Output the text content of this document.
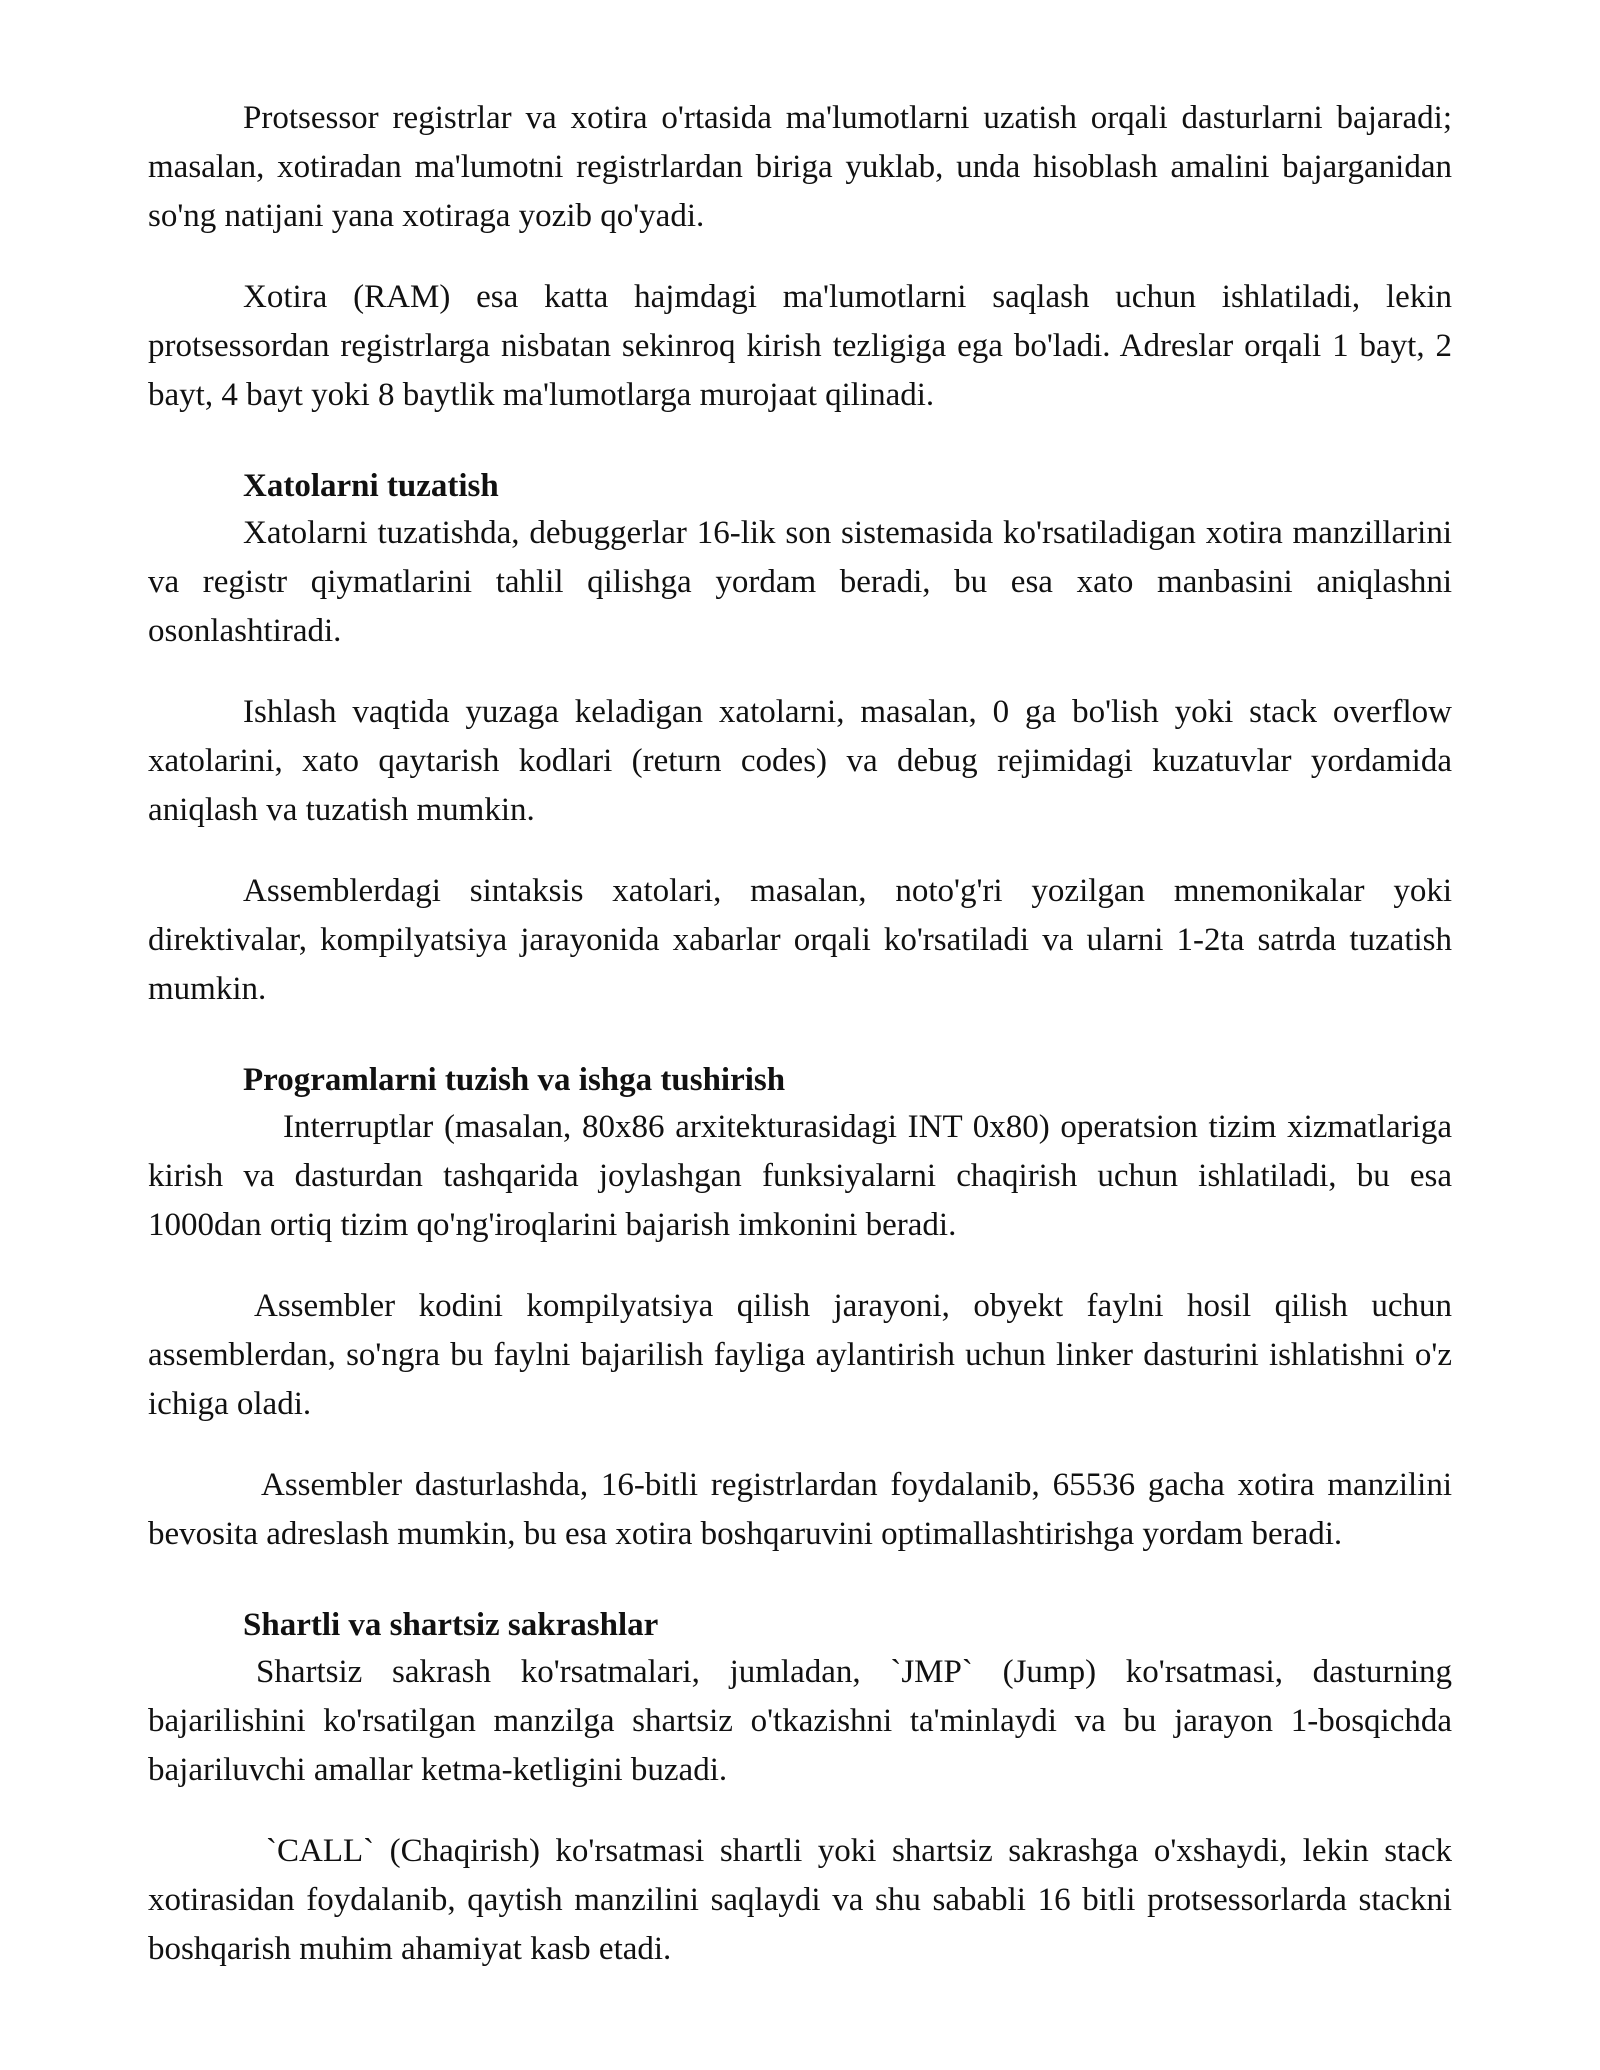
Protsessor registrlar va xotira o'rtasida ma'lumotlarni uzatish orqali dasturlarni bajaradi; masalan, xotiradan ma'lumotni registrlardan biriga yuklab, unda hisoblash amalini bajarganidan so'ng natijani yana xotiraga yozib qo'yadi.

Xotira (RAM) esa katta hajmdagi ma'lumotlarni saqlash uchun ishlatiladi, lekin protsessordan registrlarga nisbatan sekinroq kirish tezligiga ega bo'ladi. Adreslar orqali 1 bayt, 2 bayt, 4 bayt yoki 8 baytlik ma'lumotlarga murojaat qilinadi.

Xatolarni tuzatish

Xatolarni tuzatishda, debuggerlar 16-lik son sistemasida ko'rsatiladigan xotira manzillarini va registr qiymatlarini tahlil qilishga yordam beradi, bu esa xato manbasini aniqlashni osonlashtiradi.

Ishlash vaqtida yuzaga keladigan xatolarni, masalan, 0 ga bo'lish yoki stack overflow xatolarini, xato qaytarish kodlari (return codes) va debug rejimidagi kuzatuvlar yordamida aniqlash va tuzatish mumkin.

Assemblerdagi sintaksis xatolari, masalan, noto'g'ri yozilgan mnemonikalar yoki direktivalar, kompilyatsiya jarayonida xabarlar orqali ko'rsatiladi va ularni 1-2ta satrda tuzatish mumkin.

Programlarni tuzish va ishga tushirish

Interruptlar (masalan, 80x86 arxitekturasidagi INT 0x80) operatsion tizim xizmatlariga kirish va dasturdan tashqarida joylashgan funksiyalarni chaqirish uchun ishlatiladi, bu esa 1000dan ortiq tizim qo'ng'iroqlarini bajarish imkonini beradi.

Assembler kodini kompilyatsiya qilish jarayoni, obyekt faylni hosil qilish uchun assemblerdan, so'ngra bu faylni bajarilish fayliga aylantirish uchun linker dasturini ishlatishni o'z ichiga oladi.

Assembler dasturlashda, 16-bitli registrlardan foydalanib, 65536 gacha xotira manzilini bevosita adreslash mumkin, bu esa xotira boshqaruvini optimallashtirishga yordam beradi.

Shartli va shartsiz sakrashlar

Shartsiz sakrash ko'rsatmalari, jumladan, `JMP` (Jump) ko'rsatmasi, dasturning bajarilishini ko'rsatilgan manzilga shartsiz o'tkazishni ta'minlaydi va bu jarayon 1-bosqichda bajariluvchi amallar ketma-ketligini buzadi.

`CALL` (Chaqirish) ko'rsatmasi shartli yoki shartsiz sakrashga o'xshaydi, lekin stack xotirasidan foydalanib, qaytish manzilini saqlaydi va shu sababli 16 bitli protsessorlarda stackni boshqarish muhim ahamiyat kasb etadi.
